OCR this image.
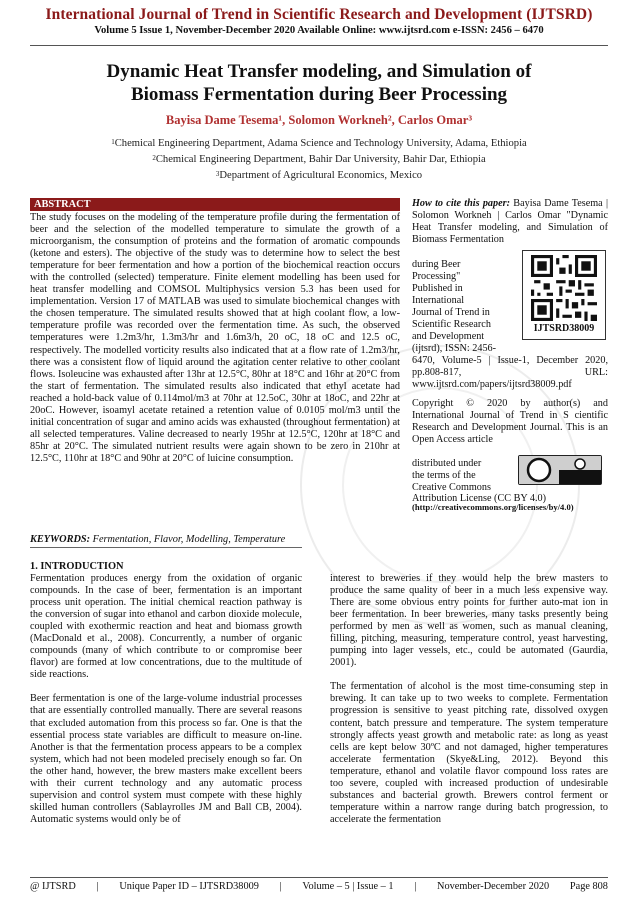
International Journal of Trend in Scientific Research and Development (IJTSRD)
Volume 5 Issue 1, November-December 2020 Available Online: www.ijtsrd.com e-ISSN: 2456 – 6470
Dynamic Heat Transfer modeling, and Simulation of
Biomass Fermentation during Beer Processing
Bayisa Dame Tesema¹, Solomon Workneh², Carlos Omar³
$^1$Chemical Engineering Department, Adama Science and Technology University, Adama, Ethiopia
$^2$Chemical Engineering Department, Bahir Dar University, Bahir Dar, Ethiopia
$^3$Department of Agricultural Economics, Mexico
ABSTRACT
The study focuses on the modeling of the temperature profile during the fermentation of beer and the selection of the modelled temperature to simulate the growth of a microorganism, the consumption of proteins and the formation of aromatic compounds (ketone and esters). The objective of the study was to determine how to select the best temperature for beer fermentation and how a portion of the biochemical reaction occurs with the controlled (selected) temperature. Finite element modelling has been used for heat transfer modelling and COMSOL Multiphysics version 5.3 has been used for implementation. Version 17 of MATLAB was used to simulate biochemical changes with the chosen temperature. The simulated results showed that at high coolant flow, a low-temperature profile was recorded over the fermentation time. As such, the observed temperatures were 1.2m3/hr, 1.3m3/hr and 1.6m3/h, 20 oC, 18 oC and 12.5 oC, respectively. The modelled vorticity results also indicated that at a flow rate of 1.2m3/hr, there was a consistent flow of liquid around the agitation center relative to other coolant flows. Isoleucine was exhausted after 13hr at 12.5°C, 80hr at 18°C and 16hr at 20°C from the start of fermentation. The simulated results also indicated that ethyl acetate had reached a hold-back value of 0.114mol/m3 at 70hr at 12.5oC, 30hr at 18oC, and 22hr at 20oC. However, isoamyl acetate retained a retention value of 0.0105 mol/m3 until the initial concentration of sugar and amino acids was exhausted (throughout fermentation) at all selected temperatures. Valine decreased to nearly 195hr at 12.5°C, 120hr at 18°C and 85hr at 20°C. The simulated nutrient results were again shown to be zero in 210hr at 12.5°C, 110hr at 18°C and 90hr at 20°C of luicine consumption.
How to cite this paper: Bayisa Dame Tesema | Solomon Workneh | Carlos Omar "Dynamic Heat Transfer modeling, and Simulation of Biomass Fermentation
during Beer
Processing"
Published in
International
Journal of Trend in
Scientific Research
and Development
(ijtsrd), ISSN: 2456-
IJTSRD38009
6470, Volume-5 | Issue-1, December 2020, pp.808-817, URL: www.ijtsrd.com/papers/ijtsrd38009.pdf
Copyright © 2020 by author(s) and International Journal of Trend in S cientific Research and Development Journal. This is an Open Access article
distributed under
the terms of the
Creative Commons
Attribution License (CC BY 4.0)
(http://creativecommons.org/licenses/by/4.0)
KEYWORDS: Fermentation, Flavor, Modelling, Temperature
1. INTRODUCTION

Fermentation produces energy from the oxidation of organic compounds. In the case of beer, fermentation is an important process unit operation. The initial chemical reaction pathway is the conversion of sugar into ethanol and carbon dioxide molecule, coupled with exothermic reaction and heat and biomass growth (MacDonald et al., 2008). Concurrently, a number of organic compounds (many of which contribute to or compromise beer flavor) are formed at low concentrations, due to the multitude of side reactions.

Beer fermentation is one of the large-volume industrial processes that are essentially controlled manually. There are several reasons that excluded automation from this process so far. One is that the essential process state variables are difficult to measure on-line. Another is that the fermentation process appears to be a complex system, which had not been modeled precisely enough so far. On the other hand, however, the brew masters make excellent beers with their current technology and any automatic process supervision and control system must compete with these highly skilled human controllers (Sablayrolles JM and Ball CB, 2004). Automatic systems would only be of

interest to breweries if they would help the brew masters to produce the same quality of beer in a much less expensive way. There are some obvious entry points for further auto-mat ion in beer fermentation. In beer breweries, many tasks presently being performed by men as well as women, such as manual cleaning, filling, pitching, measuring, temperature control, yeast harvesting, pumping into lager vessels, etc., could be automated (Gaurdia, 2001).

The fermentation of alcohol is the most time-consuming step in brewing. It can take up to two weeks to complete. Fermentation progression is sensitive to yeast pitching rate, dissolved oxygen content, batch pressure and temperature. The system temperature strongly affects yeast growth and metabolic rate: as long as yeast cells are kept below 30ºC and not damaged, higher temperatures accelerate fermentation (Skye&Ling, 2012). Beyond this temperature, ethanol and volatile flavor compound loss rates are too severe, coupled with increased production of undesirable substances and bacterial growth. Brewers control ferment or temperature within a narrow range during batch progression, to accelerate the fermentation

@ IJTSRD | Unique Paper ID – IJTSRD38009 | Volume – 5 | Issue – 1 | November-December 2020 Page 808
